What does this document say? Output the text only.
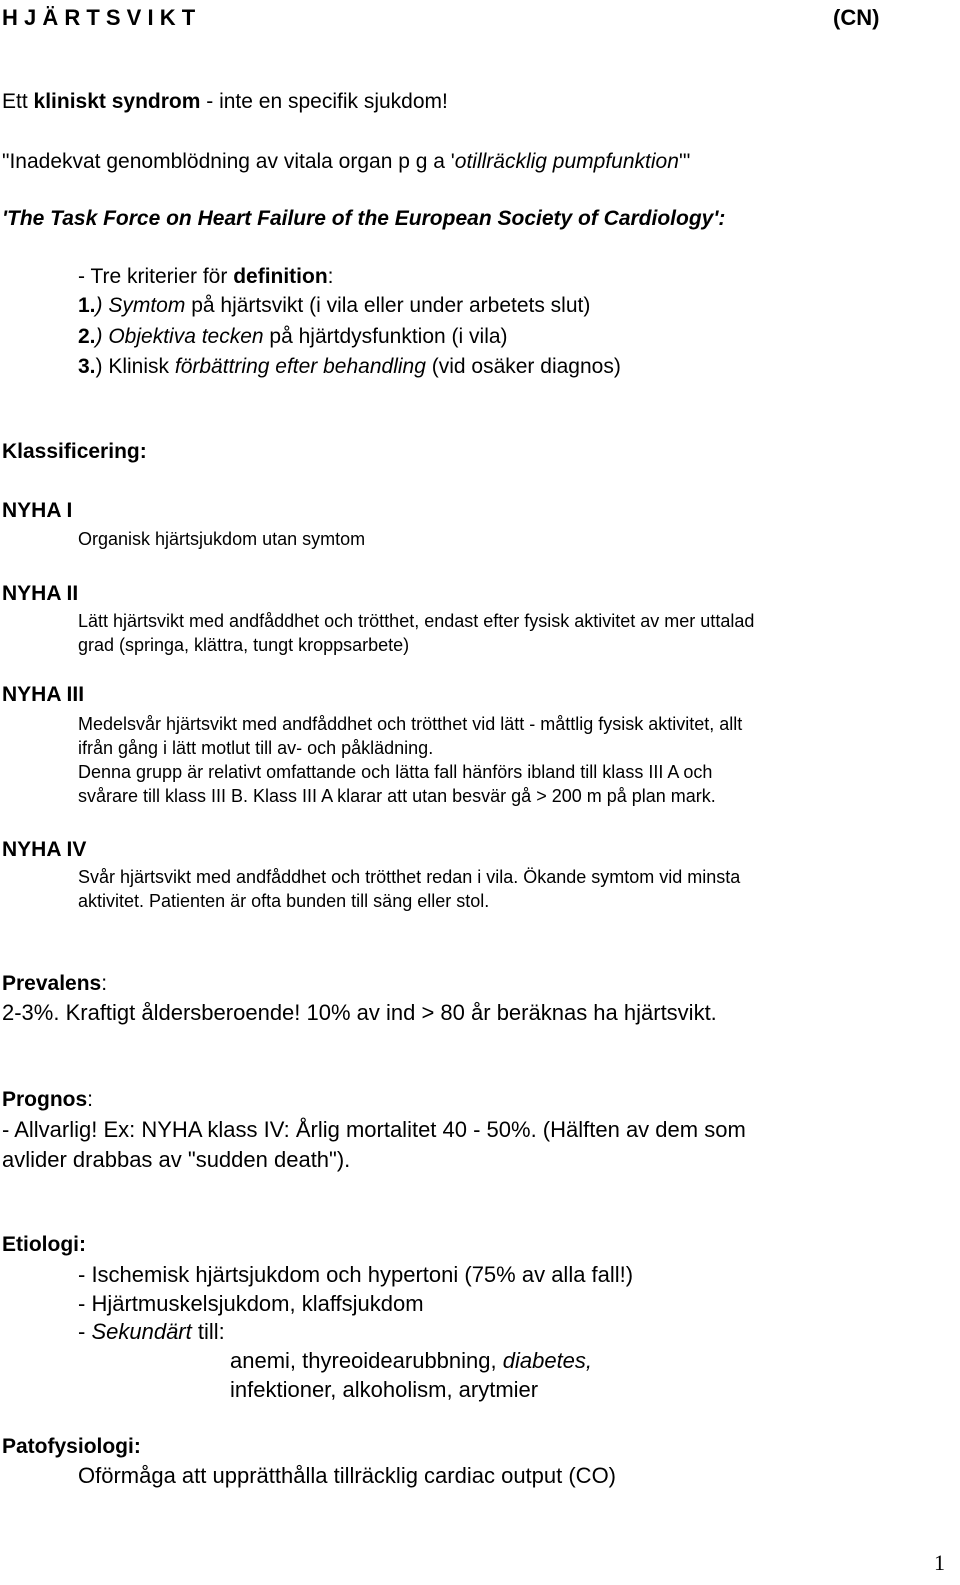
H J Ä R T S V I K T	(CN)
Ett kliniskt syndrom - inte en specifik sjukdom!
"Inadekvat genomblödning av vitala organ p g a 'otillräcklig pumpfunktion'"
'The Task Force on Heart Failure of the European Society of Cardiology':
- Tre kriterier för definition:
1.) Symtom på hjärtsvikt (i vila eller under arbetets slut)
2.) Objektiva tecken på hjärtdysfunktion (i vila)
3.) Klinisk förbättring efter behandling (vid osäker diagnos)
Klassificering:
NYHA I
Organisk hjärtsjukdom utan symtom
NYHA II
Lätt hjärtsvikt med andfåddhet och trötthet, endast efter fysisk aktivitet av mer uttalad
grad (springa, klättra, tungt kroppsarbete)
NYHA III
Medelsvår hjärtsvikt med andfåddhet och trötthet vid lätt - måttlig fysisk aktivitet, allt
ifrån gång i lätt motlut till av- och påklädning.
Denna grupp är relativt omfattande och lätta fall hänförs ibland till klass III A och
svårare till klass III B. Klass III A klarar att utan besvär gå > 200 m på plan mark.
NYHA IV
Svår hjärtsvikt med andfåddhet och trötthet redan i vila. Ökande symtom vid minsta
aktivitet. Patienten är ofta bunden till säng eller stol.
Prevalens:
2-3%. Kraftigt åldersberoende! 10% av ind > 80 år beräknas ha hjärtsvikt.
Prognos:
- Allvarlig! Ex: NYHA klass IV: Årlig mortalitet 40 - 50%. (Hälften av dem som
avlider drabbas av "sudden death").
Etiologi:
- Ischemisk hjärtsjukdom och hypertoni (75% av alla fall!)
- Hjärtmuskelsjukdom, klaffsjukdom
- Sekundärt till:
anemi, thyreoidearubbning, diabetes,
infektioner, alkoholism, arytmier
Patofysiologi:
Oförmåga att upprätthålla tillräcklig cardiac output (CO)
1
